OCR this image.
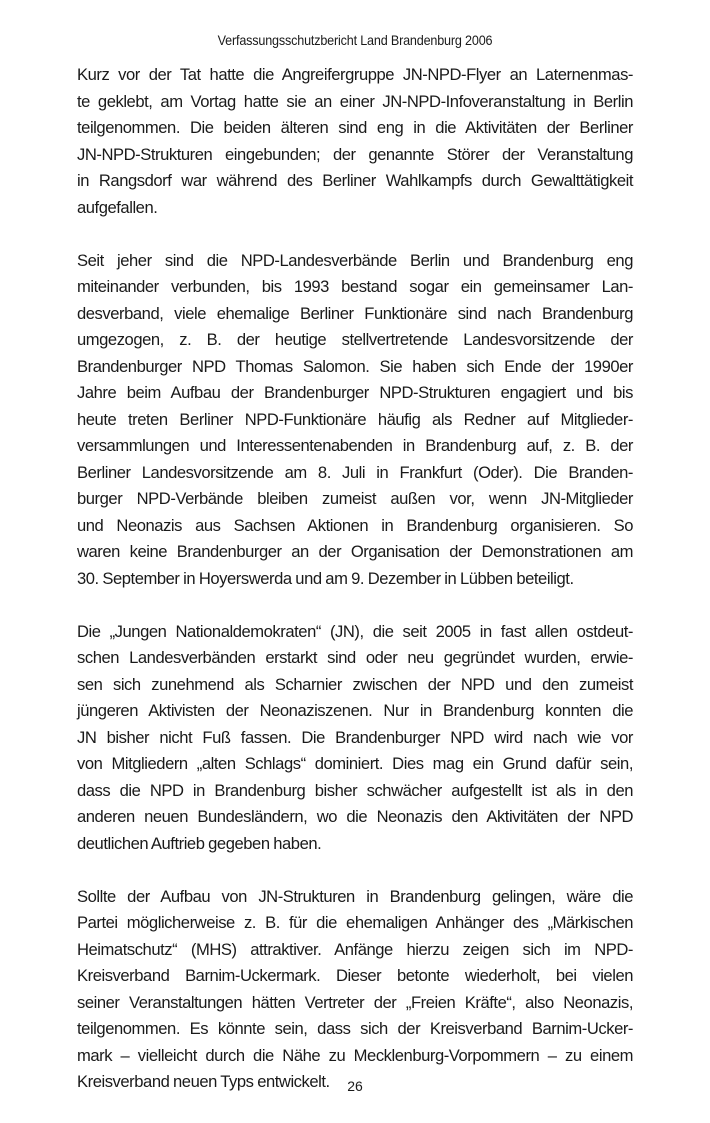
Verfassungsschutzbericht Land Brandenburg 2006

Kurz vor der Tat hatte die Angreifergruppe JN-NPD-Flyer an Laternenmas-
te geklebt, am Vortag hatte sie an einer JN-NPD-Infoveranstaltung in Berlin
teilgenommen. Die beiden älteren sind eng in die Aktivitäten der Berliner
JN-NPD-Strukturen eingebunden; der genannte Störer der Veranstaltung
in Rangsdorf war während des Berliner Wahlkampfs durch Gewalttätigkeit
aufgefallen.

Seit jeher sind die NPD-Landesverbände Berlin und Brandenburg eng
miteinander verbunden, bis 1993 bestand sogar ein gemeinsamer Lan-
desverband, viele ehemalige Berliner Funktionäre sind nach Brandenburg
umgezogen, z. B. der heutige stellvertretende Landesvorsitzende der
Brandenburger NPD Thomas Salomon. Sie haben sich Ende der 1990er
Jahre beim Aufbau der Brandenburger NPD-Strukturen engagiert und bis
heute treten Berliner NPD-Funktionäre häufig als Redner auf Mitglieder-
versammlungen und Interessentenabenden in Brandenburg auf, z. B. der
Berliner Landesvorsitzende am 8. Juli in Frankfurt (Oder). Die Branden-
burger NPD-Verbände bleiben zumeist außen vor, wenn JN-Mitglieder
und Neonazis aus Sachsen Aktionen in Brandenburg organisieren. So
waren keine Brandenburger an der Organisation der Demonstrationen am
30. September in Hoyerswerda und am 9. Dezember in Lübben beteiligt.

Die „Jungen Nationaldemokraten“ (JN), die seit 2005 in fast allen ostdeut-
schen Landesverbänden erstarkt sind oder neu gegründet wurden, erwie-
sen sich zunehmend als Scharnier zwischen der NPD und den zumeist
jüngeren Aktivisten der Neonaziszenen. Nur in Brandenburg konnten die
JN bisher nicht Fuß fassen. Die Brandenburger NPD wird nach wie vor
von Mitgliedern „alten Schlags“ dominiert. Dies mag ein Grund dafür sein,
dass die NPD in Brandenburg bisher schwächer aufgestellt ist als in den
anderen neuen Bundesländern, wo die Neonazis den Aktivitäten der NPD
deutlichen Auftrieb gegeben haben.

Sollte der Aufbau von JN-Strukturen in Brandenburg gelingen, wäre die
Partei möglicherweise z. B. für die ehemaligen Anhänger des „Märkischen
Heimatschutz“ (MHS) attraktiver. Anfänge hierzu zeigen sich im NPD-
Kreisverband Barnim-Uckermark. Dieser betonte wiederholt, bei vielen
seiner Veranstaltungen hätten Vertreter der „Freien Kräfte“, also Neonazis,
teilgenommen. Es könnte sein, dass sich der Kreisverband Barnim-Ucker-
mark – vielleicht durch die Nähe zu Mecklenburg-Vorpommern – zu einem
Kreisverband neuen Typs entwickelt.	26
